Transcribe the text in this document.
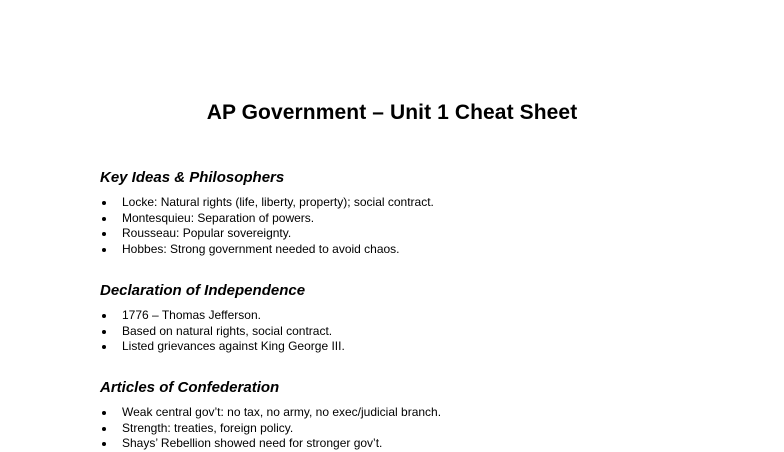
AP Government – Unit 1 Cheat Sheet
Key Ideas & Philosophers
Locke: Natural rights (life, liberty, property); social contract.
Montesquieu: Separation of powers.
Rousseau: Popular sovereignty.
Hobbes: Strong government needed to avoid chaos.
Declaration of Independence
1776 – Thomas Jefferson.
Based on natural rights, social contract.
Listed grievances against King George III.
Articles of Confederation
Weak central gov’t: no tax, no army, no exec/judicial branch.
Strength: treaties, foreign policy.
Shays’ Rebellion showed need for stronger gov’t.
